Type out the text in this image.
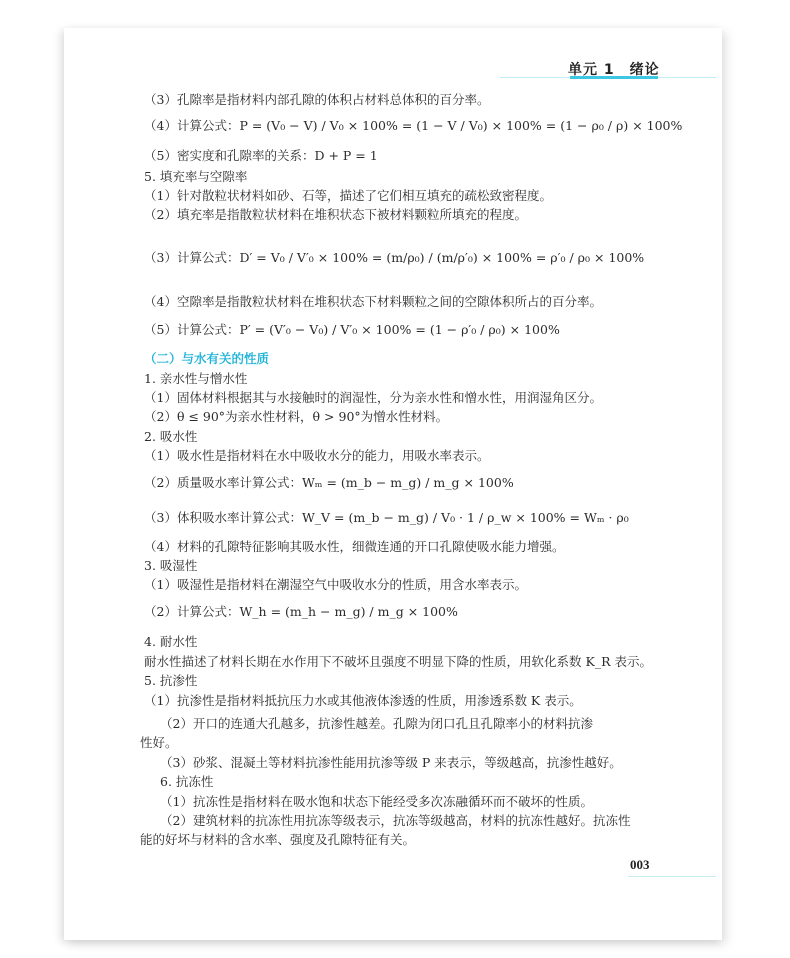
单元 1　绪论
（3）孔隙率是指材料内部孔隙的体积占材料总体积的百分率。
（4）计算公式：P = (V₀ − V) / V₀ × 100% = (1 − V / V₀) × 100% = (1 − ρ₀ / ρ) × 100%
（5）密实度和孔隙率的关系：D + P = 1
5. 填充率与空隙率
（1）针对散粒状材料如砂、石等，描述了它们相互填充的疏松致密程度。
（2）填充率是指散粒状材料在堆积状态下被材料颗粒所填充的程度。
（3）计算公式：D′ = V₀ / V′₀ × 100% = (m/ρ₀) / (m/ρ′₀) × 100% = ρ′₀ / ρ₀ × 100%
（4）空隙率是指散粒状材料在堆积状态下材料颗粒之间的空隙体积所占的百分率。
（5）计算公式：P′ = (V′₀ − V₀) / V′₀ × 100% = (1 − ρ′₀ / ρ₀) × 100%
（二）与水有关的性质
1. 亲水性与憎水性
（1）固体材料根据其与水接触时的润湿性，分为亲水性和憎水性，用润湿角区分。
（2）θ ≤ 90°为亲水性材料，θ > 90°为憎水性材料。
2. 吸水性
（1）吸水性是指材料在水中吸收水分的能力，用吸水率表示。
（2）质量吸水率计算公式：Wₘ = (m_b − m_g) / m_g × 100%
（3）体积吸水率计算公式：W_V = (m_b − m_g) / V₀ · 1 / ρ_w × 100% = Wₘ · ρ₀
（4）材料的孔隙特征影响其吸水性，细微连通的开口孔隙使吸水能力增强。
3. 吸湿性
（1）吸湿性是指材料在潮湿空气中吸收水分的性质，用含水率表示。
（2）计算公式：W_h = (m_h − m_g) / m_g × 100%
4. 耐水性
耐水性描述了材料长期在水作用下不破坏且强度不明显下降的性质，用软化系数 K_R 表示。
5. 抗渗性
（1）抗渗性是指材料抵抗压力水或其他液体渗透的性质，用渗透系数 K 表示。
（2）开口的连通大孔越多，抗渗性越差。孔隙为闭口孔且孔隙率小的材料抗渗
性好。
（3）砂浆、混凝土等材料抗渗性能用抗渗等级 P 来表示，等级越高，抗渗性越好。
6. 抗冻性
（1）抗冻性是指材料在吸水饱和状态下能经受多次冻融循环而不破坏的性质。
（2）建筑材料的抗冻性用抗冻等级表示，抗冻等级越高，材料的抗冻性越好。抗冻性
能的好坏与材料的含水率、强度及孔隙特征有关。
003
